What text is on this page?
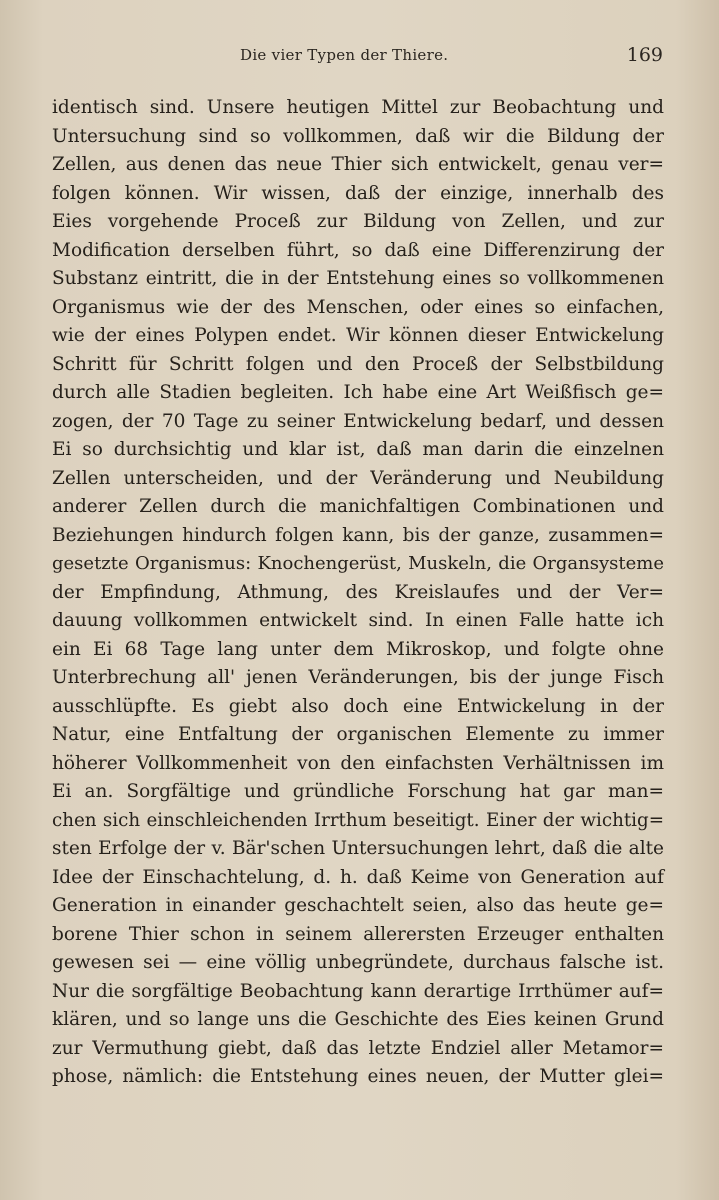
Die vier Typen der Thiere.	169
identisch sind. Unsere heutigen Mittel zur Beobachtung und
Untersuchung sind so vollkommen, daß wir die Bildung der
Zellen, aus denen das neue Thier sich entwickelt, genau ver=
folgen können. Wir wissen, daß der einzige, innerhalb des
Eies vorgehende Proceß zur Bildung von Zellen, und zur
Modification derselben führt, so daß eine Differenzirung der
Substanz eintritt, die in der Entstehung eines so vollkommenen
Organismus wie der des Menschen, oder eines so einfachen,
wie der eines Polypen endet. Wir können dieser Entwickelung
Schritt für Schritt folgen und den Proceß der Selbstbildung
durch alle Stadien begleiten. Ich habe eine Art Weißfisch ge=
zogen, der 70 Tage zu seiner Entwickelung bedarf, und dessen
Ei so durchsichtig und klar ist, daß man darin die einzelnen
Zellen unterscheiden, und der Veränderung und Neubildung
anderer Zellen durch die manichfaltigen Combinationen und
Beziehungen hindurch folgen kann, bis der ganze, zusammen=
gesetzte Organismus: Knochengerüst, Muskeln, die Organsysteme
der Empfindung, Athmung, des Kreislaufes und der Ver=
dauung vollkommen entwickelt sind. In einen Falle hatte ich
ein Ei 68 Tage lang unter dem Mikroskop, und folgte ohne
Unterbrechung all' jenen Veränderungen, bis der junge Fisch
ausschlüpfte. Es giebt also doch eine Entwickelung in der
Natur, eine Entfaltung der organischen Elemente zu immer
höherer Vollkommenheit von den einfachsten Verhältnissen im
Ei an. Sorgfältige und gründliche Forschung hat gar man=
chen sich einschleichenden Irrthum beseitigt. Einer der wichtig=
sten Erfolge der v. Bär'schen Untersuchungen lehrt, daß die alte
Idee der Einschachtelung, d. h. daß Keime von Generation auf
Generation in einander geschachtelt seien, also das heute ge=
borene Thier schon in seinem allerersten Erzeuger enthalten
gewesen sei — eine völlig unbegründete, durchaus falsche ist.
Nur die sorgfältige Beobachtung kann derartige Irrthümer auf=
klären, und so lange uns die Geschichte des Eies keinen Grund
zur Vermuthung giebt, daß das letzte Endziel aller Metamor=
phose, nämlich: die Entstehung eines neuen, der Mutter glei=
